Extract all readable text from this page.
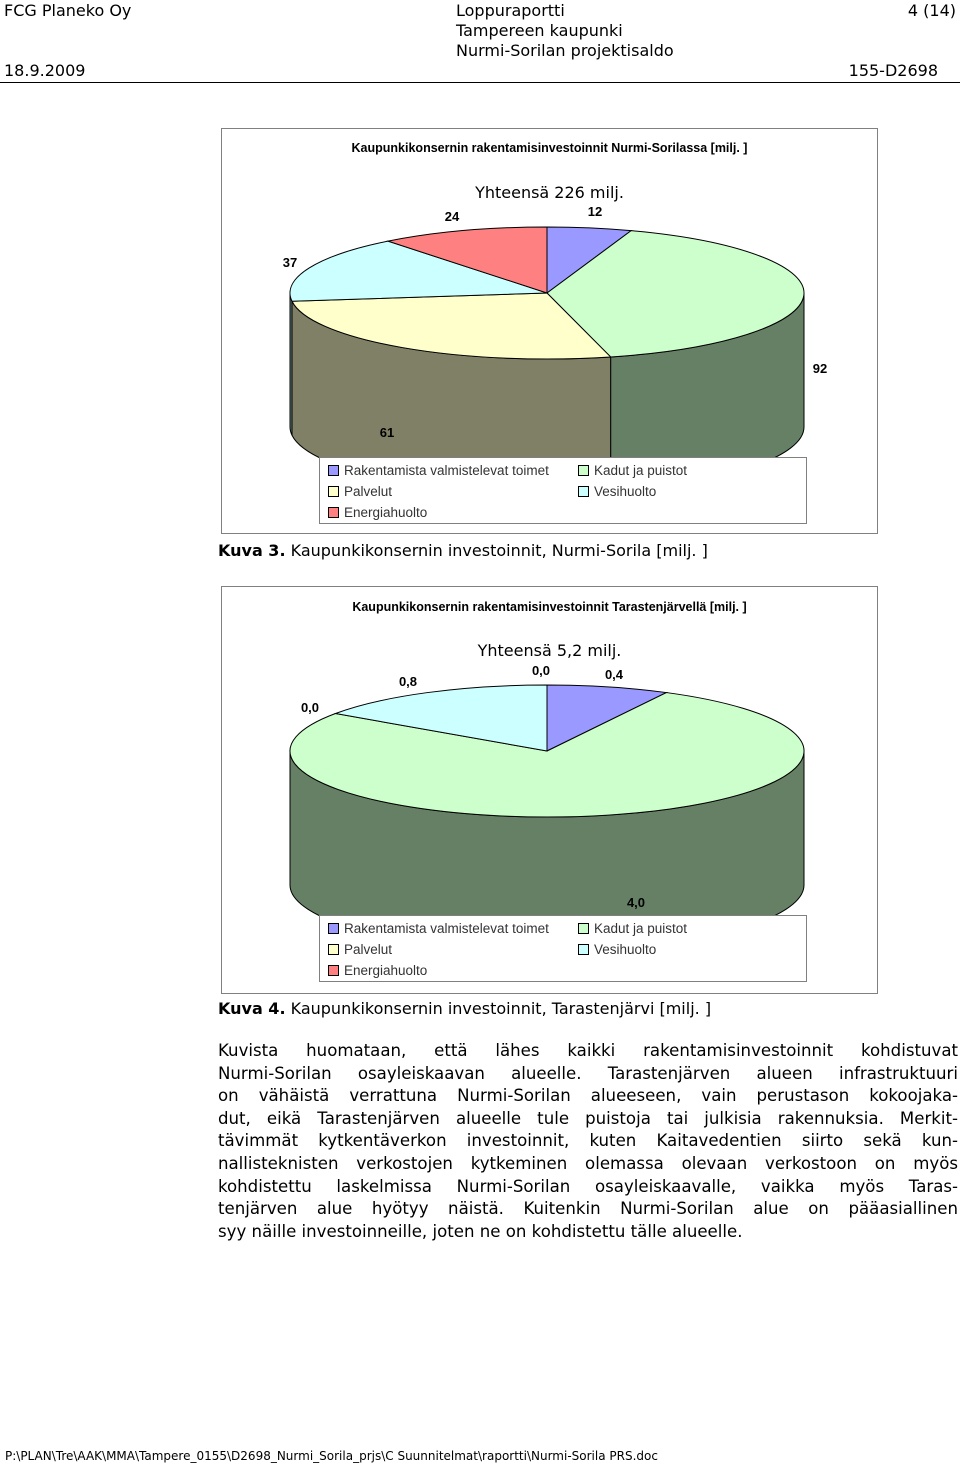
FCG Planeko Oy	Loppuraportti
Tampereen kaupunki
Nurmi-Sorilan projektisaldo
4 (14)
18.9.2009	155-D2698
Kaupunkikonsernin rakentamisinvestoinnit Nurmi-Sorilassa [milj. ]
Yhteensä 226 milj.
12
92
61
37
24
Rakentamista valmistelevat toimet	Kadut ja puistot
Palvelut	Vesihuolto
Energiahuolto
Kuva 3. Kaupunkikonsernin investoinnit, Nurmi-Sorila [milj. ]
Kaupunkikonsernin rakentamisinvestoinnit Tarastenjärvellä [milj. ]
Yhteensä 5,2 milj.
0,4
4,0
0,0
0,8
0,0
Rakentamista valmistelevat toimet	Kadut ja puistot
Palvelut	Vesihuolto
Energiahuolto
Kuva 4. Kaupunkikonsernin investoinnit, Tarastenjärvi [milj. ]
Kuvista huomataan, että lähes kaikki rakentamisinvestoinnit kohdistuvat
Nurmi-Sorilan osayleiskaavan alueelle. Tarastenjärven alueen infrastruktuuri
on vähäistä verrattuna Nurmi-Sorilan alueeseen, vain perustason kokoojaka-
dut, eikä Tarastenjärven alueelle tule puistoja tai julkisia rakennuksia. Merkit-
tävimmät kytkentäverkon investoinnit, kuten Kaitavedentien siirto sekä kun-
nallisteknisten verkostojen kytkeminen olemassa olevaan verkostoon on myös
kohdistettu laskelmissa Nurmi-Sorilan osayleiskaavalle, vaikka myös Taras-
tenjärven alue hyötyy näistä. Kuitenkin Nurmi-Sorilan alue on pääasiallinen
syy näille investoinneille, joten ne on kohdistettu tälle alueelle.
P:\PLAN\Tre\AAK\MMA\Tampere_0155\D2698_Nurmi_Sorila_prjs\C Suunnitelmat\raportti\Nurmi-Sorila PRS.doc
